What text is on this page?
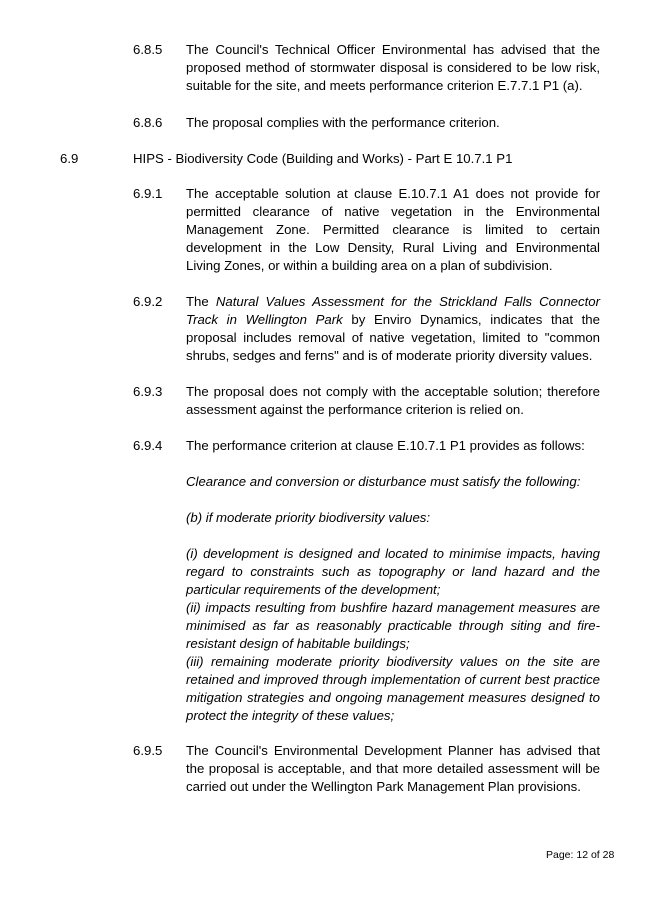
6.8.5 The Council's Technical Officer Environmental has advised that the proposed method of stormwater disposal is considered to be low risk, suitable for the site, and meets performance criterion E.7.7.1 P1 (a).

6.8.6 The proposal complies with the performance criterion.

6.9	HIPS - Biodiversity Code (Building and Works) - Part E 10.7.1 P1

6.9.1 The acceptable solution at clause E.10.7.1 A1 does not provide for permitted clearance of native vegetation in the Environmental Management Zone. Permitted clearance is limited to certain development in the Low Density, Rural Living and Environmental Living Zones, or within a building area on a plan of subdivision.

6.9.2 The Natural Values Assessment for the Strickland Falls Connector Track in Wellington Park by Enviro Dynamics, indicates that the proposal includes removal of native vegetation, limited to "common shrubs, sedges and ferns" and is of moderate priority diversity values.

6.9.3 The proposal does not comply with the acceptable solution; therefore assessment against the performance criterion is relied on.

6.9.4 The performance criterion at clause E.10.7.1 P1 provides as follows:

Clearance and conversion or disturbance must satisfy the following:

(b) if moderate priority biodiversity values:

(i) development is designed and located to minimise impacts, having regard to constraints such as topography or land hazard and the particular requirements of the development;

(ii) impacts resulting from bushfire hazard management measures are minimised as far as reasonably practicable through siting and fire-resistant design of habitable buildings;

(iii) remaining moderate priority biodiversity values on the site are retained and improved through implementation of current best practice mitigation strategies and ongoing management measures designed to protect the integrity of these values;

6.9.5 The Council's Environmental Development Planner has advised that the proposal is acceptable, and that more detailed assessment will be carried out under the Wellington Park Management Plan provisions.

Page: 12 of 28
